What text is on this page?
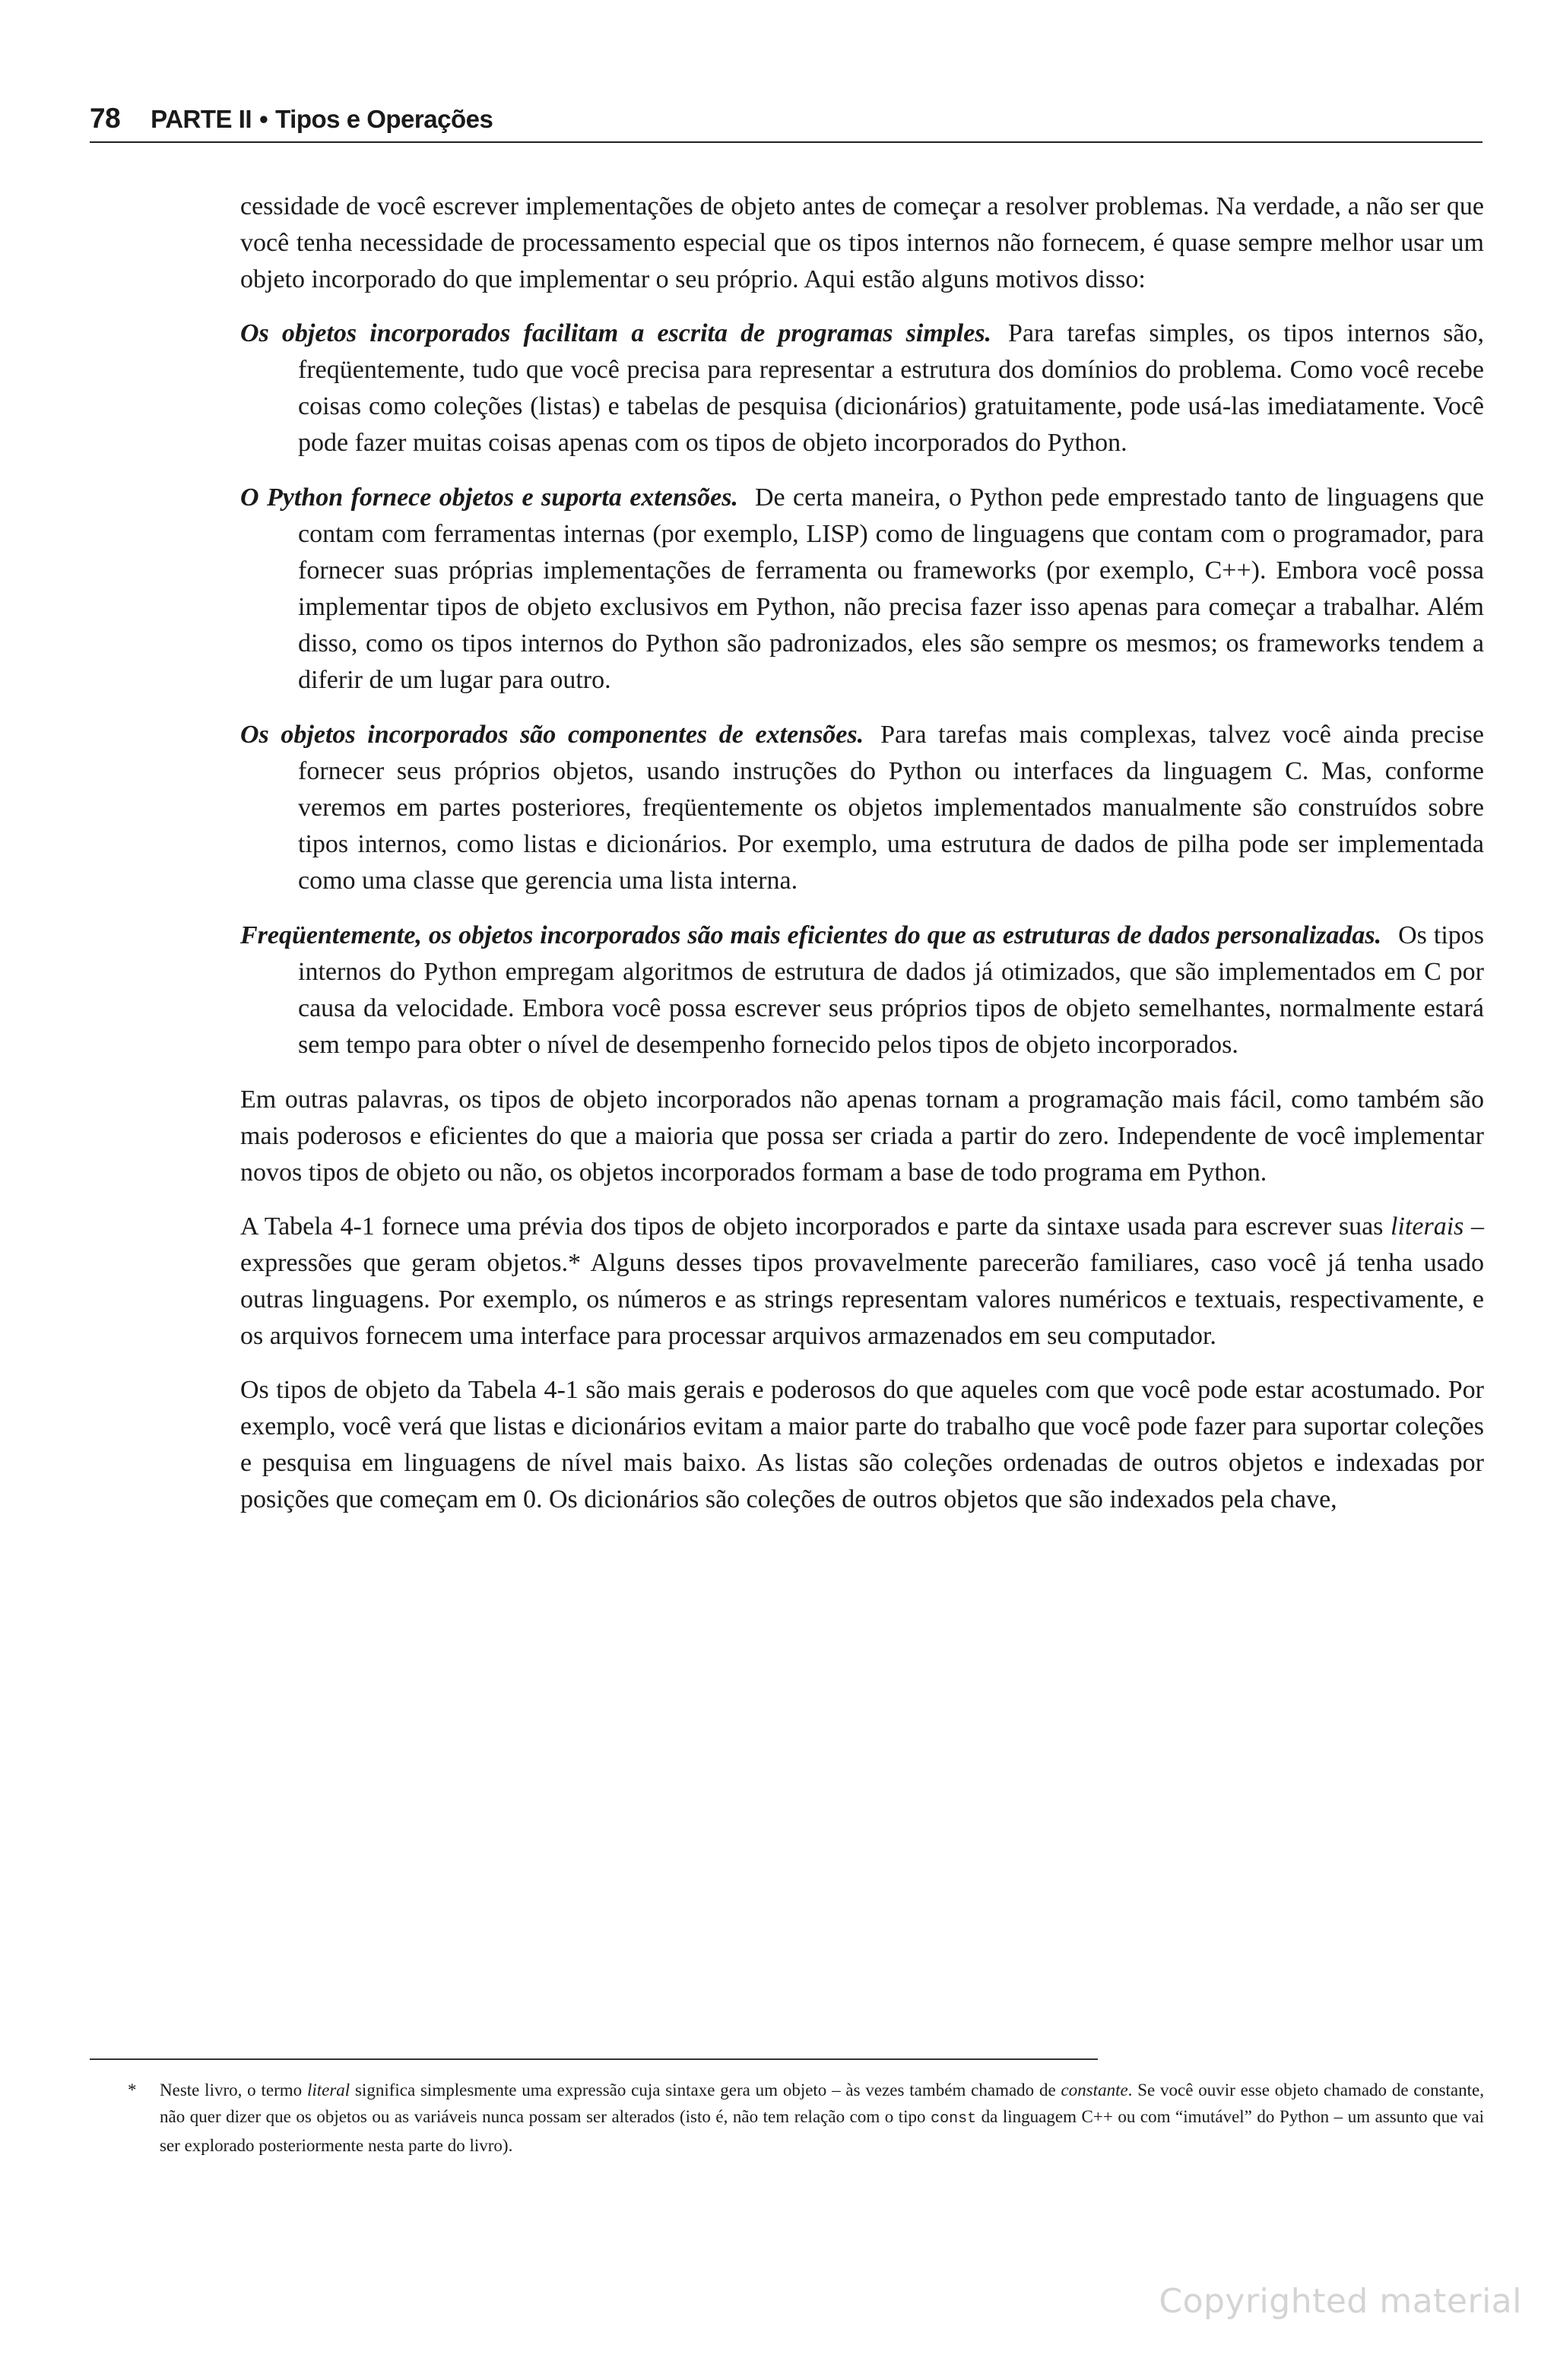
78 PARTE II • Tipos e Operações

cessidade de você escrever implementações de objeto antes de começar a resolver problemas. Na verdade, a não ser que você tenha necessidade de processamento especial que os tipos internos não fornecem, é quase sempre melhor usar um objeto incorporado do que implementar o seu próprio. Aqui estão alguns motivos disso:

Os objetos incorporados facilitam a escrita de programas simples. Para tarefas simples, os tipos internos são, freqüentemente, tudo que você precisa para representar a estrutura dos domínios do problema. Como você recebe coisas como coleções (listas) e tabelas de pesquisa (dicionários) gratuitamente, pode usá-las imediatamente. Você pode fazer muitas coisas apenas com os tipos de objeto incorporados do Python.
O Python fornece objetos e suporta extensões. De certa maneira, o Python pede emprestado tanto de linguagens que contam com ferramentas internas (por exemplo, LISP) como de linguagens que contam com o programador, para fornecer suas próprias implementações de ferramenta ou frameworks (por exemplo, C++). Embora você possa implementar tipos de objeto exclusivos em Python, não precisa fazer isso apenas para começar a trabalhar. Além disso, como os tipos internos do Python são padronizados, eles são sempre os mesmos; os frameworks tendem a diferir de um lugar para outro.
Os objetos incorporados são componentes de extensões. Para tarefas mais complexas, talvez você ainda precise fornecer seus próprios objetos, usando instruções do Python ou interfaces da linguagem C. Mas, conforme veremos em partes posteriores, freqüentemente os objetos implementados manualmente são construídos sobre tipos internos, como listas e dicionários. Por exemplo, uma estrutura de dados de pilha pode ser implementada como uma classe que gerencia uma lista interna.
Freqüentemente, os objetos incorporados são mais eficientes do que as estruturas de dados personalizadas. Os tipos internos do Python empregam algoritmos de estrutura de dados já otimizados, que são implementados em C por causa da velocidade. Embora você possa escrever seus próprios tipos de objeto semelhantes, normalmente estará sem tempo para obter o nível de desempenho fornecido pelos tipos de objeto incorporados.

Em outras palavras, os tipos de objeto incorporados não apenas tornam a programação mais fácil, como também são mais poderosos e eficientes do que a maioria que possa ser criada a partir do zero. Independente de você implementar novos tipos de objeto ou não, os objetos incorporados formam a base de todo programa em Python.

A Tabela 4-1 fornece uma prévia dos tipos de objeto incorporados e parte da sintaxe usada para escrever suas literais – expressões que geram objetos.* Alguns desses tipos provavelmente parecerão familiares, caso você já tenha usado outras linguagens. Por exemplo, os números e as strings representam valores numéricos e textuais, respectivamente, e os arquivos fornecem uma interface para processar arquivos armazenados em seu computador.

Os tipos de objeto da Tabela 4-1 são mais gerais e poderosos do que aqueles com que você pode estar acostumado. Por exemplo, você verá que listas e dicionários evitam a maior parte do trabalho que você pode fazer para suportar coleções e pesquisa em linguagens de nível mais baixo. As listas são coleções ordenadas de outros objetos e indexadas por posições que começam em 0. Os dicionários são coleções de outros objetos que são indexados pela chave,

* Neste livro, o termo literal significa simplesmente uma expressão cuja sintaxe gera um objeto – às vezes também chamado de constante. Se você ouvir esse objeto chamado de constante, não quer dizer que os objetos ou as variáveis nunca possam ser alterados (isto é, não tem relação com o tipo const da linguagem C++ ou com “imutável” do Python – um assunto que vai ser explorado posteriormente nesta parte do livro).
Copyrighted material
